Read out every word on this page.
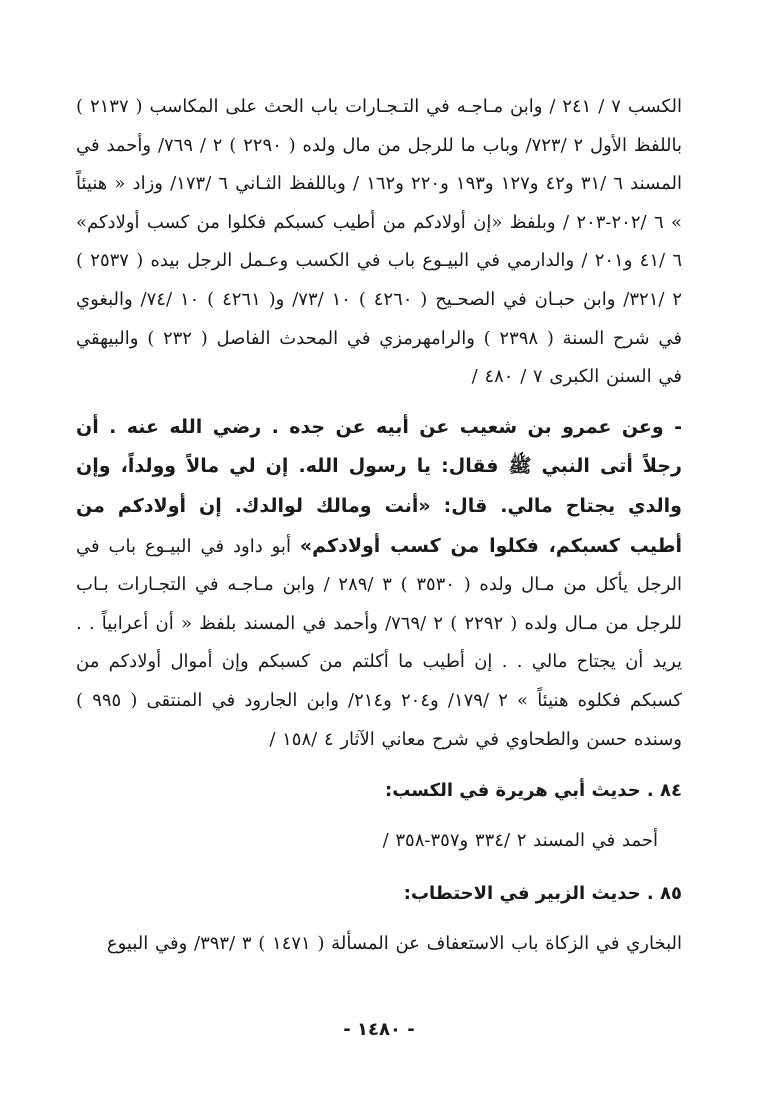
الكسب ٧ / ٢٤١ / وابن مـاجـه في التـجـارات باب الحث على المكاسب ( ٢١٣٧ ) باللفظ الأول ٢ /٧٢٣/ وباب ما للرجل من مال ولده ( ٢٢٩٠ ) ٢ / ٧٦٩/ وأحمد في المسند ٦ /٣١ و٤٢ و١٢٧ و١٩٣ و٢٢٠ و١٦٢ / وباللفظ الثـاني ٦ /١٧٣/ وزاد « هنيئاً » ٦ /٢٠٢-٢٠٣ / وبلفظ «إن أولادكم من أطيب كسبكم فكلوا من كسب أولادكم» ٦ /٤١ و٢٠١ / والدارمي في البيـوع باب في الكسب وعـمل الرجل بيده ( ٢٥٣٧ ) ٢ /٣٢١/ وابن حبـان في الصحـيح ( ٤٢٦٠ ) ١٠ /٧٣/ و( ٤٢٦١ ) ١٠ /٧٤/ والبغوي في شرح السنة ( ٢٣٩٨ ) والرامهرمزي في المحدث الفاصل ( ٢٣٢ ) والبيهقي في السنن الكبرى ٧ / ٤٨٠ /

- وعن عمرو بن شعيب عن أبيه عن جده . رضي الله عنه . أن رجلاً أتى النبي ﷺ فقال: يا رسول الله. إن لي مالاً وولداً، وإن والدي يجتاح مالي. قال: «أنت ومالك لوالدك. إن أولادكم من أطيب كسبكم، فكلوا من كسب أولادكم» أبو داود في البيـوع باب في الرجل يأكل من مـال ولده ( ٣٥٣٠ ) ٣ /٢٨٩ / وابن مـاجـه في التجـارات بـاب للرجل من مـال ولده ( ٢٢٩٢ ) ٢ /٧٦٩/ وأحمد في المسند بلفظ « أن أعرابياً . . يريد أن يجتاح مالي . . إن أطيب ما أكلتم من كسبكم وإن أموال أولادكم من كسبكم فكلوه هنيئاً » ٢ /١٧٩/ و٢٠٤ و٢١٤/ وابن الجارود في المنتقى ( ٩٩٥ ) وسنده حسن والطحاوي في شرح معاني الآثار ٤ /١٥٨ /

٨٤ . حديث أبي هريرة في الكسب:

أحمد في المسند ٢ /٣٣٤ و٣٥٧-٣٥٨ /

٨٥ . حديث الزبير في الاحتطاب:

البخاري في الزكاة باب الاستعفاف عن المسألة ( ١٤٧١ ) ٣ /٣٩٣/ وفي البيوع

- ١٤٨٠ -
